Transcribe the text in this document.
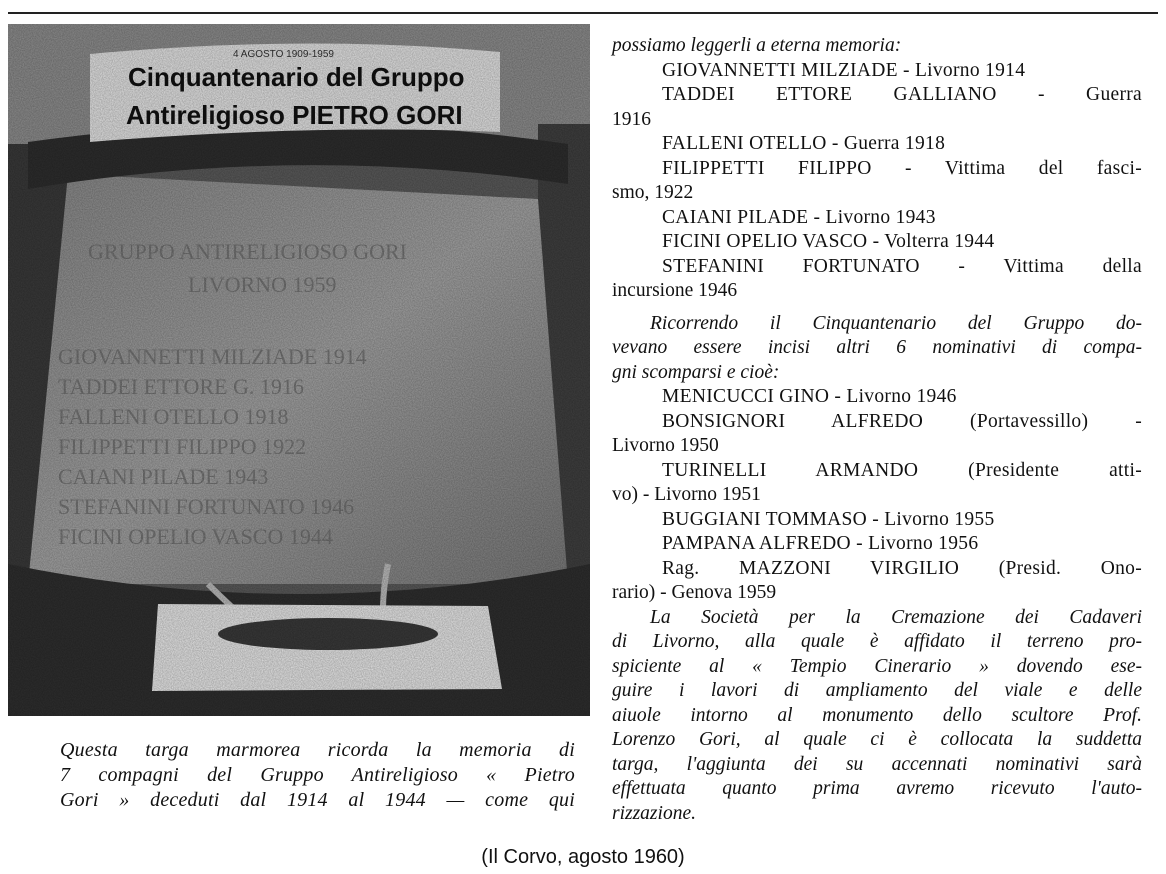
Questa targa marmorea ricorda la memoria di
7 compagni del Gruppo Antireligioso « Pietro
Gori » deceduti dal 1914 al 1944 — come qui

possiamo leggerli a eterna memoria:

GIOVANNETTI MILZIADE - Livorno 1914

TADDEI ETTORE GALLIANO - Guerra

1916

FALLENI OTELLO - Guerra 1918

FILIPPETTI FILIPPO - Vittima del fasci-

smo, 1922

CAIANI PILADE - Livorno 1943

FICINI OPELIO VASCO - Volterra 1944

STEFANINI FORTUNATO - Vittima della

incursione 1946

Ricorrendo il Cinquantenario del Gruppo do-

vevano essere incisi altri 6 nominativi di compa-

gni scomparsi e cioè:

MENICUCCI GINO - Livorno 1946

BONSIGNORI ALFREDO (Portavessillo) -

Livorno 1950

TURINELLI ARMANDO (Presidente atti-

vo) - Livorno 1951

BUGGIANI TOMMASO - Livorno 1955

PAMPANA ALFREDO - Livorno 1956

Rag. MAZZONI VIRGILIO (Presid. Ono-

rario) - Genova 1959

La Società per la Cremazione dei Cadaveri

di Livorno, alla quale è affidato il terreno pro-

spiciente al « Tempio Cinerario » dovendo ese-

guire i lavori di ampliamento del viale e delle

aiuole intorno al monumento dello scultore Prof.

Lorenzo Gori, al quale ci è collocata la suddetta

targa, l'aggiunta dei su accennati nominativi sarà

effettuata quanto prima avremo ricevuto l'auto-

rizzazione.

(Il Corvo, agosto 1960)
